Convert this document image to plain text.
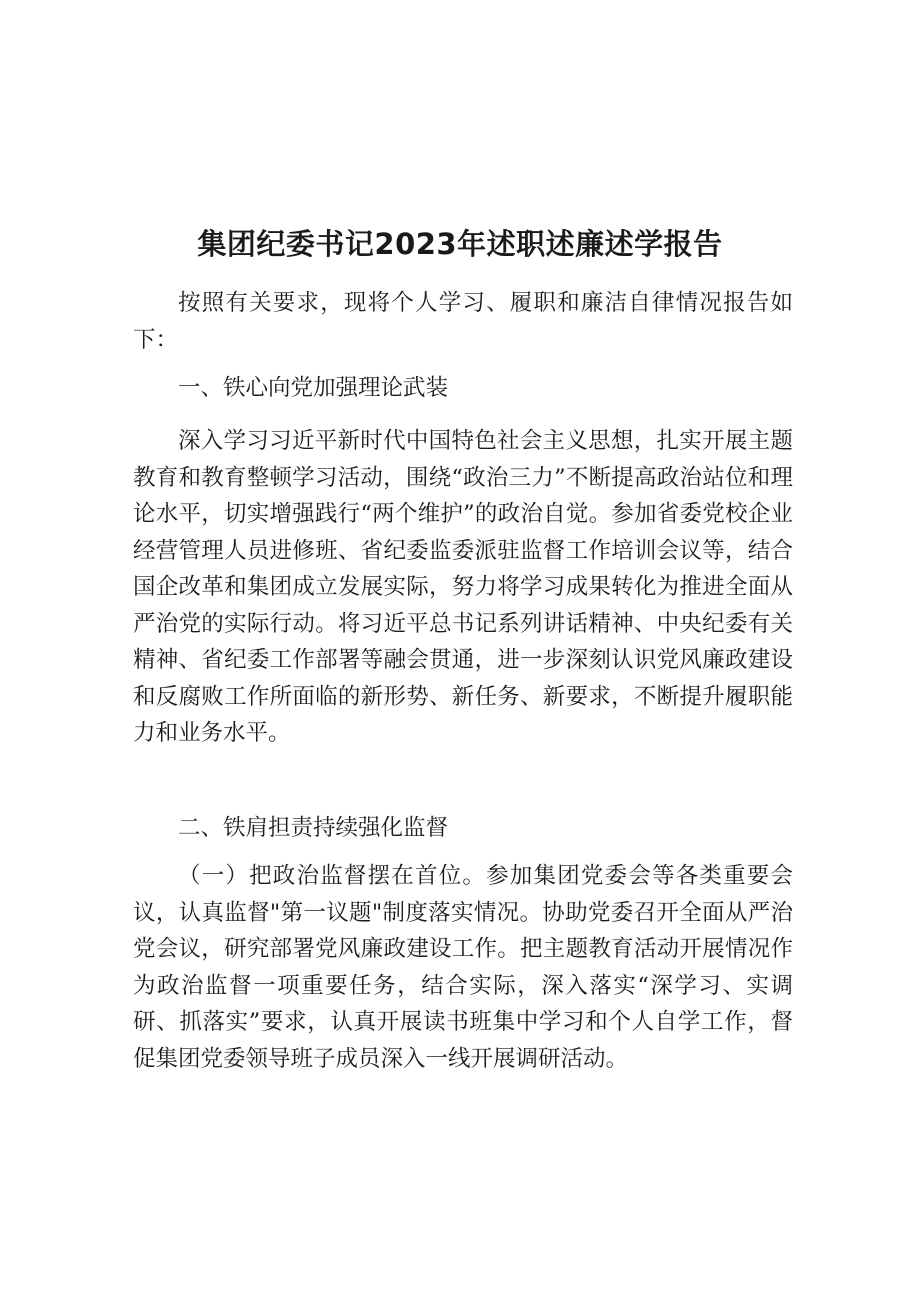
集团纪委书记2023年述职述廉述学报告

按照有关要求，现将个人学习、履职和廉洁自律情况报告如下：

一、铁心向党加强理论武装

深入学习习近平新时代中国特色社会主义思想，扎实开展主题教育和教育整顿学习活动，围绕“政治三力”不断提高政治站位和理论水平，切实增强践行“两个维护”的政治自觉。参加省委党校企业经营管理人员进修班、省纪委监委派驻监督工作培训会议等，结合国企改革和集团成立发展实际，努力将学习成果转化为推进全面从严治党的实际行动。将习近平总书记系列讲话精神、中央纪委有关精神、省纪委工作部署等融会贯通，进一步深刻认识党风廉政建设和反腐败工作所面临的新形势、新任务、新要求，不断提升履职能力和业务水平。

二、铁肩担责持续强化监督

（一）把政治监督摆在首位。参加集团党委会等各类重要会议，认真监督"第一议题"制度落实情况。协助党委召开全面从严治党会议，研究部署党风廉政建设工作。把主题教育活动开展情况作为政治监督一项重要任务，结合实际，深入落实“深学习、实调研、抓落实”要求，认真开展读书班集中学习和个人自学工作，督促集团党委领导班子成员深入一线开展调研活动。
